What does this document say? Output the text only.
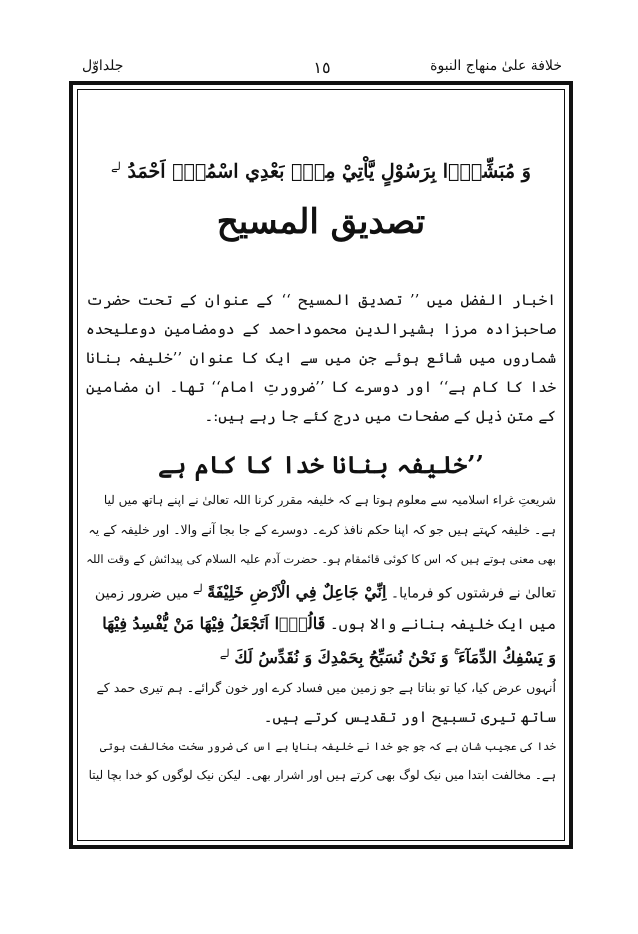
خلافة علیٰ منهاج النبوة
١٥
جلداوّل
وَ مُبَشِّرًۢا بِرَسُوْلٍ يَّاْتِيْ مِنْۢ بَعْدِي اسْمُهٗۤ اَحْمَدُ $^{لے}$
تصدیق المسیح
اخبار الفضل میں ’’ تصدیق المسیح ‘‘ کے عنوان کے تحت حضرت صاحبزادہ مرزا بشیرالدین محموداحمد کے دومضامین دوعلیحدہ شماروں میں شائع ہوئے جن میں سے ایک کا عنوان ’’خلیفہ بنانا خدا کا کام ہے‘‘ اور دوسرے کا ’’ضرورتِ امام‘‘ تھا۔ ان مضامین کے متن ذیل کے صفحات میں درج کئے جا رہے ہیں:۔
’’خلیفہ بنانا خدا کا کام ہے
شریعتِ غراء اسلامیہ سے معلوم ہوتا ہے کہ خلیفہ مقرر کرنا اللہ تعالیٰ نے اپنے ہاتھ میں لیا
ہے۔ خلیفہ کہتے ہیں جو کہ اپنا حکم نافذ کرے۔ دوسرے کے جا بجا آنے والا۔ اور خلیفہ کے یہ
بھی معنی ہوتے ہیں کہ اس کا کوئی قائمقام ہو۔ حضرت آدم علیہ السلام کی پیدائش کے وقت اللہ
تعالیٰ نے فرشتوں کو فرمایا۔ اِنِّيْ جَاعِلٌ فِي الْاَرْضِ خَلِيْفَةً $^{لے}$ میں ضرور زمین
میں ایک خلیفہ بنانے والا ہوں۔ قَالُوْۤا اَتَجْعَلُ فِيْهَا مَنْ يُّفْسِدُ فِيْهَا
وَ يَسْفِكُ الدِّمَآءَ ۚ وَ نَحْنُ نُسَبِّحُ بِحَمْدِكَ وَ نُقَدِّسُ لَكَ $^{لے}$
اُنہوں عرض کیا، کیا تو بناتا ہے جو زمین میں فساد کرے اور خون گرائے۔ ہم تیری حمد کے
ساتھ تیری تسبیح اور تقدیس کرتے ہیں۔
خدا کی عجیب شان ہے کہ جو جو خدا نے خلیفہ بنایا ہے اس کی ضرور سخت مخالفت ہوتی
ہے۔ مخالفت ابتدا میں نیک لوگ بھی کرتے ہیں اور اشرار بھی۔ لیکن نیک لوگوں کو خدا بچا لیتا
